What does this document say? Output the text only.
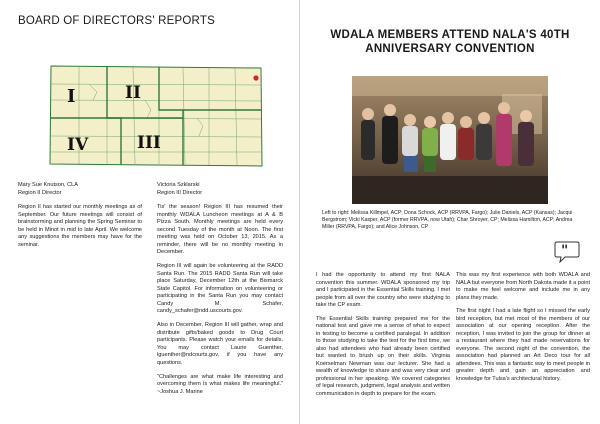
BOARD OF DIRECTORS' REPORTS
I	II
IV	III
Mary Sue Knutson, CLA
Region II Director

Region II has started our monthly meetings as of September. Our future meetings will consist of brainstorming and planning the Spring Seminar to be held in Minot in mid to late April. We welcome any suggestions the members may have for the seminar.

Victoria Szklarski
Region III Director

Tis' the season! Region III has resumed their monthly WDALA Luncheon meetings at A & B Pizza South. Monthly meetings are held every second Tuesday of the month at Noon. The first meeting was held on October 13, 2015. As a reminder, there will be no monthly meeting in December.

Region III will again be volunteering at the RADD Santa Run. The 2015 RADD Santa Run will take place Saturday, December 12th at the Bismarck State Capitol. For information on volunteering or participating in the Santa Run you may contact Candy M. Schafer, candy_schafer@ndd.uscourts.gov.

Also in December, Region III will gather, wrap and distribute gifts/baked goods to Drug Court participants. Please watch your emails for details. You may contact Laurie Guenther, lguenther@ndcourts.gov, if you have any questions.

"Challenges are what make life interesting and overcoming them is what makes life meaningful." ~Joshua J. Marine

WDALA MEMBERS ATTEND NALA'S 40TH
ANNIVERSARY CONVENTION
Left to right: Melissa Killmpel, ACP; Dona Schock, ACP (RRVPA, Fargo); Julie Daniels, ACP (Kansas); Jacqui Bergstrom; Vicki Kasper, ACP (former RRVPA, now Utah); Char Shroyer, CP; Melissa Hamilton, ACP; Andrea Miller (RRVPA, Fargo); and Alice Johnson, CP
"

I had the opportunity to attend my first NALA convention this summer. WDALA sponsored my trip and I participated in the Essential Skills training. I met people from all over the country who were studying to take the CP exam.

The Essential Skills training prepared me for the national test and gave me a sense of what to expect in testing to become a certified paralegal. In addition to those studying to take the test for the first time, we also had attendees who had already been certified but wanted to brush up on their skills. Virginia Koerselman Newman was our lecturer. She had a wealth of knowledge to share and was very clear and professional in her speaking. We covered categories of legal research, judgment, legal analysis and written communication in depth to prepare for the exam.

This was my first experience with both WDALA and NALA but everyone from North Dakota made it a point to make me feel welcome and include me in any plans they made.

The first night I had a late flight so I missed the early bird reception, but met most of the members of our association at our opening reception. After the reception, I was invited to join the group for dinner at a restaurant where they had made reservations for everyone. The second night of the convention, the association had planned an Art Deco tour for all attendees. This was a fantastic way to meet people in greater depth and gain an appreciation and knowledge for Tulsa's architectural history.
